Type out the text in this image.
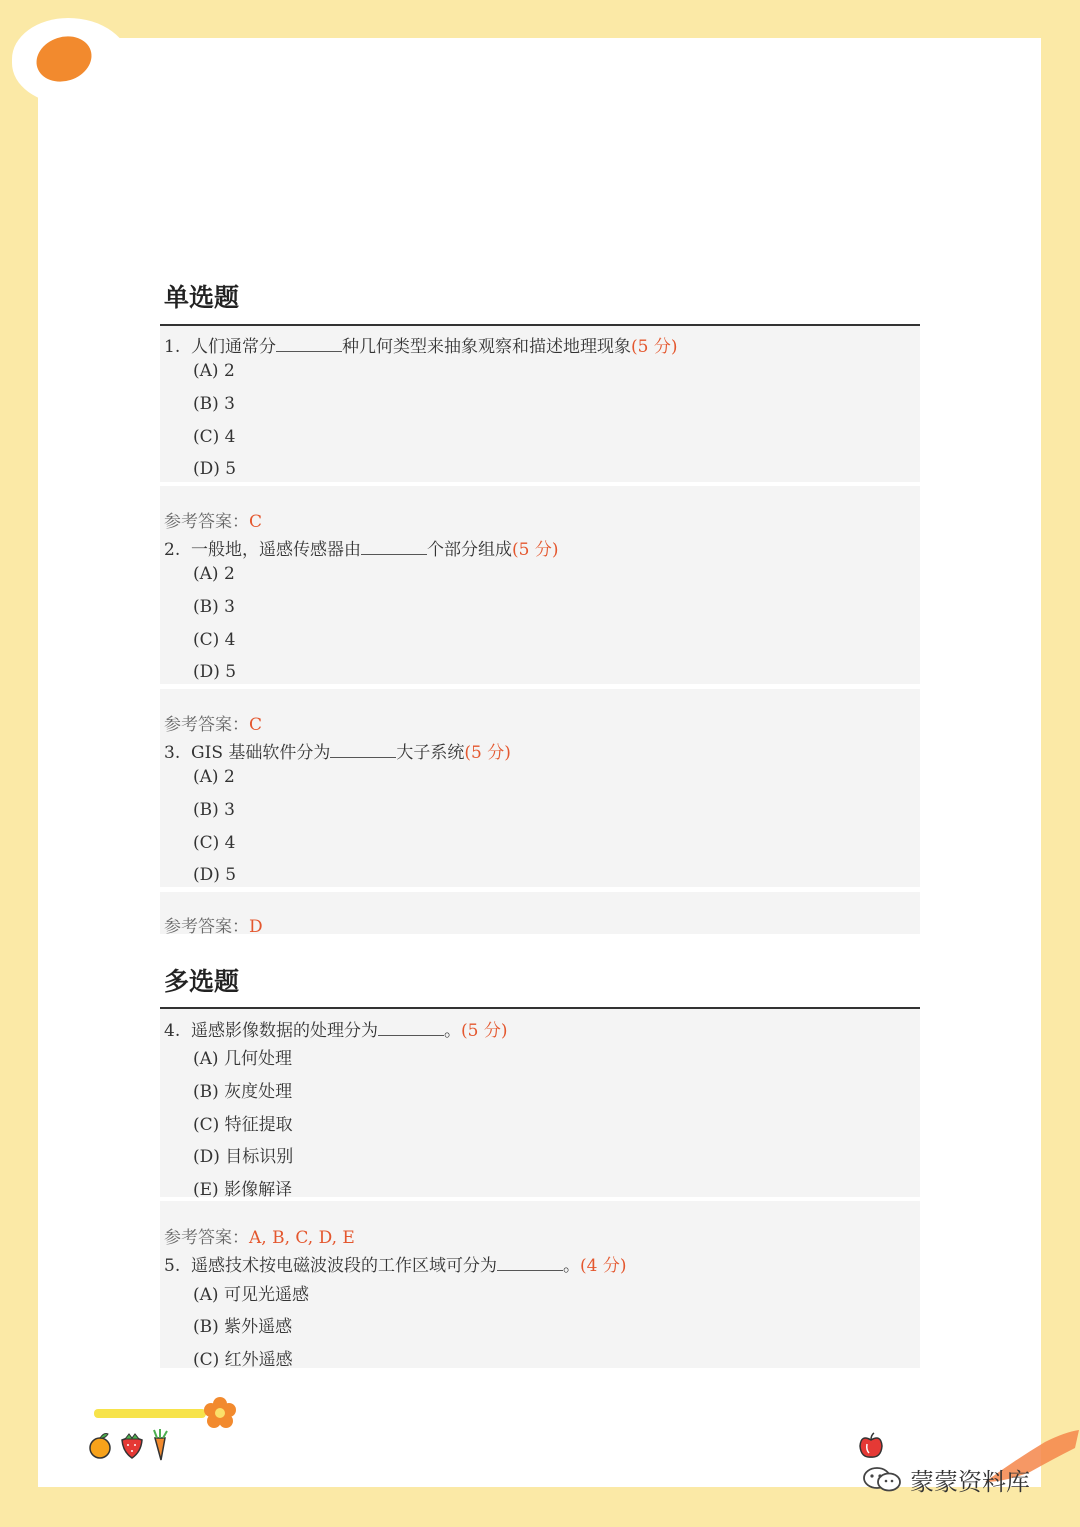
单选题
1. 人们通常分	种几何类型来抽象观察和描述地理现象(5 分)
(A) 2
(B) 3
(C) 4
(D) 5
参考答案：C
2. 一般地，遥感传感器由	个部分组成(5 分)
(A) 2
(B) 3
(C) 4
(D) 5
参考答案：C
3. GIS 基础软件分为	大子系统(5 分)
(A) 2
(B) 3
(C) 4
(D) 5
参考答案：D
多选题
4. 遥感影像数据的处理分为	。(5 分)
(A) 几何处理
(B) 灰度处理
(C) 特征提取
(D) 目标识别
(E) 影像解译
参考答案：A, B, C, D, E
5. 遥感技术按电磁波波段的工作区域可分为	。(4 分)
(A) 可见光遥感
(B) 紫外遥感
(C) 红外遥感
蒙蒙资料库
